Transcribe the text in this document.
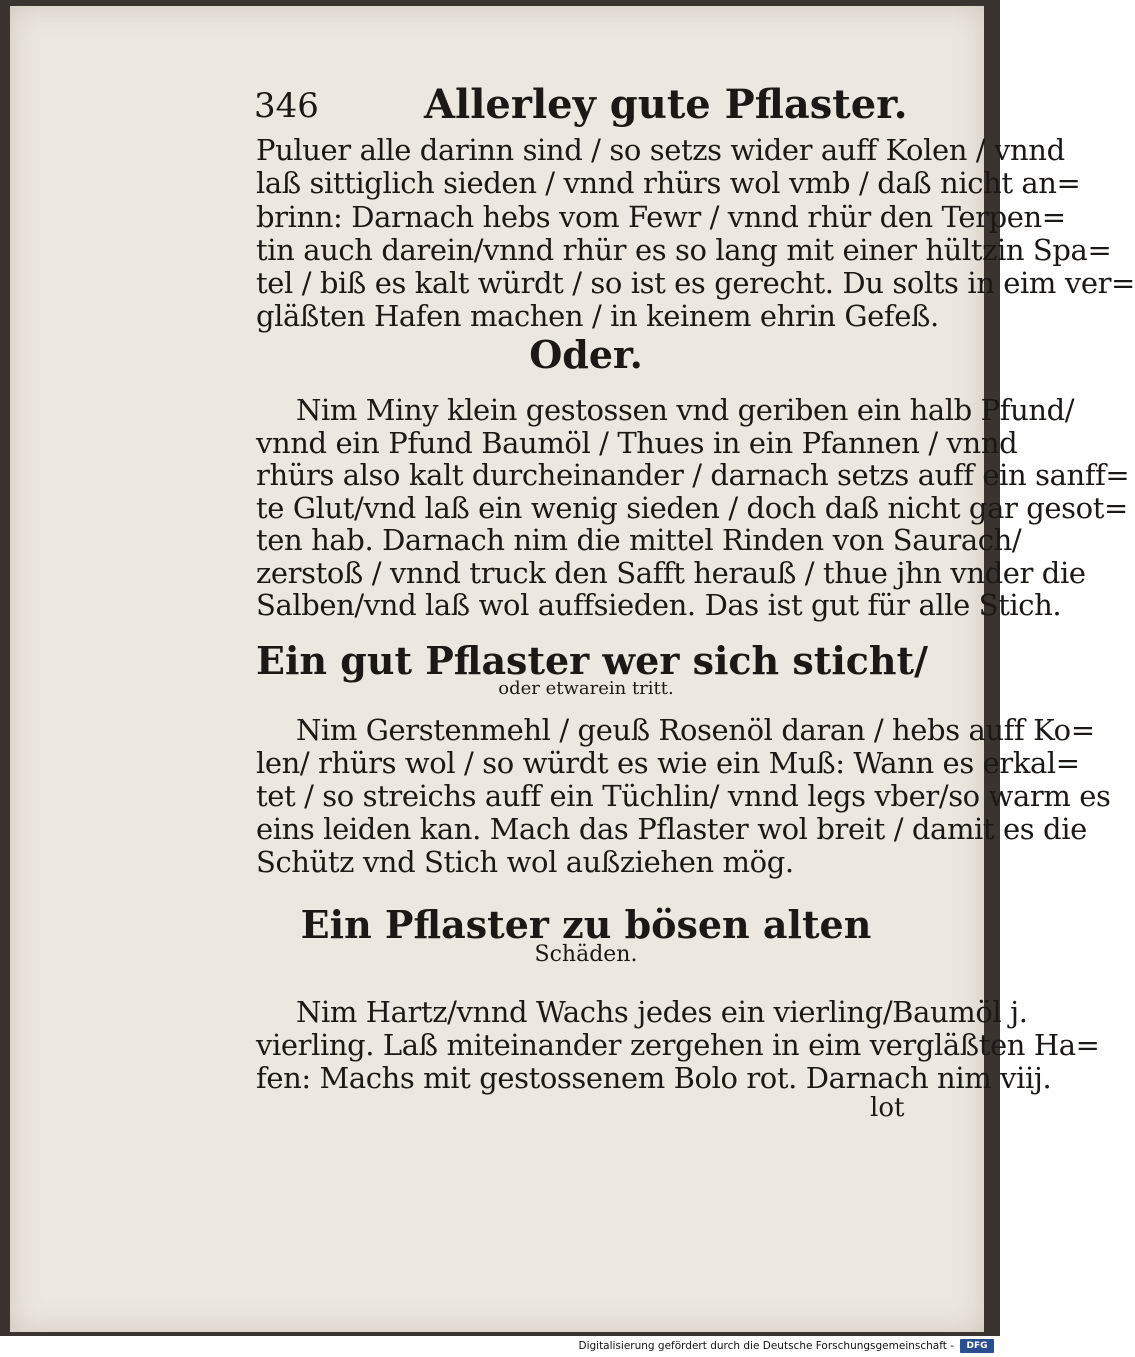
346	Allerley gute Pflaster.
Puluer alle darinn sind / so setzs wider auff Kolen / vnnd
laß sittiglich sieden / vnnd rhürs wol vmb / daß nicht an=
brinn: Darnach hebs vom Fewr / vnnd rhür den Terpen=
tin auch darein/vnnd rhür es so lang mit einer hültzin Spa=
tel / biß es kalt würdt / so ist es gerecht. Du solts in eim ver=
gläßten Hafen machen / in keinem ehrin Gefeß.
Oder.
Nim Miny klein gestossen vnd geriben ein halb Pfund/
vnnd ein Pfund Baumöl / Thues in ein Pfannen / vnnd
rhürs also kalt durcheinander / darnach setzs auff ein sanff=
te Glut/vnd laß ein wenig sieden / doch daß nicht gar gesot=
ten hab. Darnach nim die mittel Rinden von Saurach/
zerstoß / vnnd truck den Safft herauß / thue jhn vnder die
Salben/vnd laß wol auffsieden. Das ist gut für alle Stich.
Ein gut Pflaster wer sich sticht/
oder etwarein tritt.
Nim Gerstenmehl / geuß Rosenöl daran / hebs auff Ko=
len/ rhürs wol / so würdt es wie ein Muß: Wann es erkal=
tet / so streichs auff ein Tüchlin/ vnnd legs vber/so warm es
eins leiden kan. Mach das Pflaster wol breit / damit es die
Schütz vnd Stich wol außziehen mög.
Ein Pflaster zu bösen alten
Schäden.
Nim Hartz/vnnd Wachs jedes ein vierling/Baumöl j.
vierling. Laß miteinander zergehen in eim vergläßten Ha=
fen: Machs mit gestossenem Bolo rot. Darnach nim viij.
lot
Digitalisierung gefördert durch die Deutsche Forschungsgemeinschaft -	DFG
